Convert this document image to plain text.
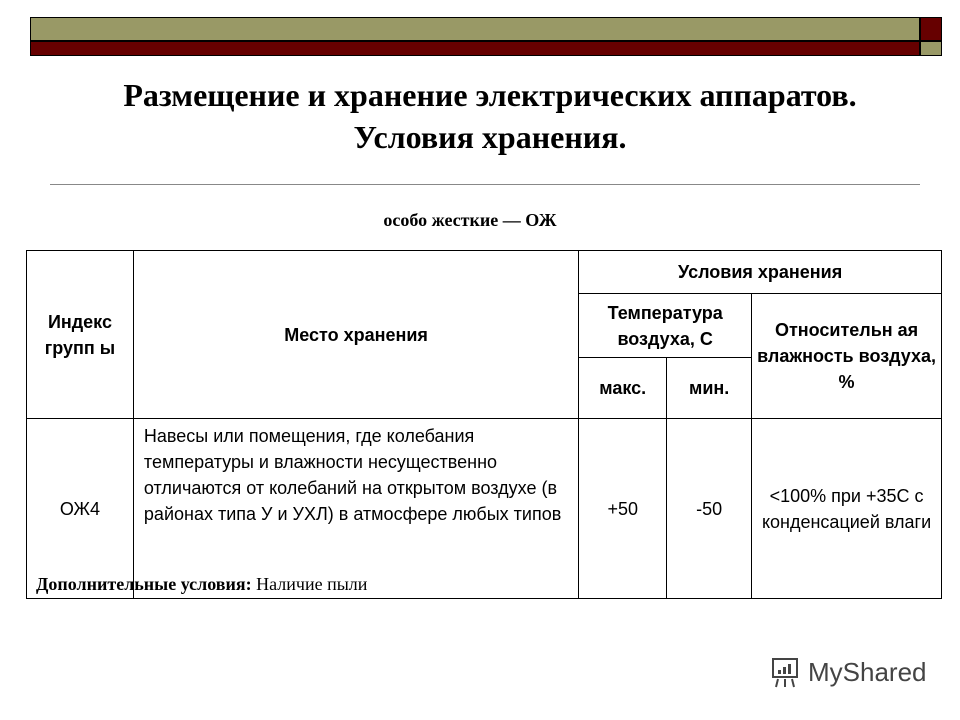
Размещение и хранение электрических аппаратов.
Условия хранения.
особо жесткие — ОЖ
Индекс групп ы	Место хранения	Условия хранения		
		Температура воздуха, С		Относительн ая влажность воздуха, %
		макс.	мин.	
ОЖ4	Навесы или помещения, где колебания температуры и влажности несущественно отличаются от колебаний на открытом воздухе (в районах типа У и УХЛ) в атмосфере любых типов	+50	-50	<100% при +35С с конденсацией влаги
Дополнительные условия: Наличие пыли
MyShared
